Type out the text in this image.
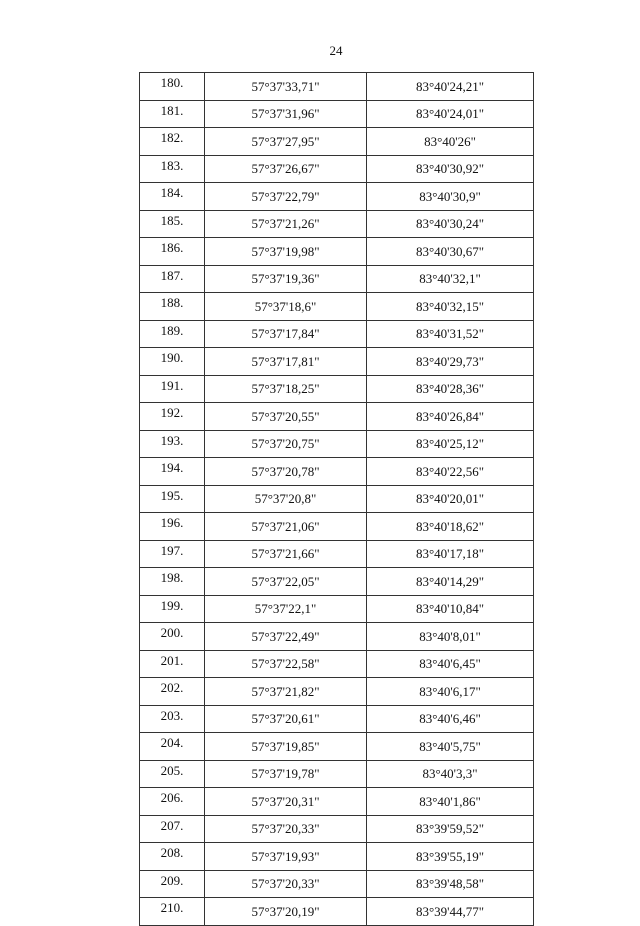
24
180.	57°37'33,71"	83°40'24,21"
181.	57°37'31,96"	83°40'24,01"
182.	57°37'27,95"	83°40'26"
183.	57°37'26,67"	83°40'30,92"
184.	57°37'22,79"	83°40'30,9"
185.	57°37'21,26"	83°40'30,24"
186.	57°37'19,98"	83°40'30,67"
187.	57°37'19,36"	83°40'32,1"
188.	57°37'18,6"	83°40'32,15"
189.	57°37'17,84"	83°40'31,52"
190.	57°37'17,81"	83°40'29,73"
191.	57°37'18,25"	83°40'28,36"
192.	57°37'20,55"	83°40'26,84"
193.	57°37'20,75"	83°40'25,12"
194.	57°37'20,78"	83°40'22,56"
195.	57°37'20,8"	83°40'20,01"
196.	57°37'21,06"	83°40'18,62"
197.	57°37'21,66"	83°40'17,18"
198.	57°37'22,05"	83°40'14,29"
199.	57°37'22,1"	83°40'10,84"
200.	57°37'22,49"	83°40'8,01"
201.	57°37'22,58"	83°40'6,45"
202.	57°37'21,82"	83°40'6,17"
203.	57°37'20,61"	83°40'6,46"
204.	57°37'19,85"	83°40'5,75"
205.	57°37'19,78"	83°40'3,3"
206.	57°37'20,31"	83°40'1,86"
207.	57°37'20,33"	83°39'59,52"
208.	57°37'19,93"	83°39'55,19"
209.	57°37'20,33"	83°39'48,58"
210.	57°37'20,19"	83°39'44,77"
